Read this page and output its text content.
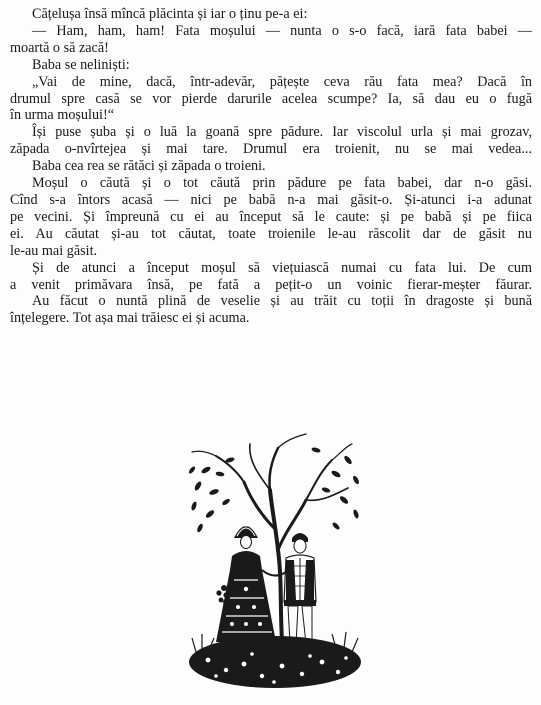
Cățelușa însă mîncă plăcinta și iar o ținu pe-a ei:
— Ham, ham, ham! Fata moșului — nunta o s-o facă, iară fata babei —
moartă o să zacă!
Baba se neliniști:
„Vai de mine, dacă, într-adevăr, pățește ceva rău fata mea? Dacă în
drumul spre casă se vor pierde darurile acelea scumpe? Ia, să dau eu o fugă
în urma moșului!“
Își puse șuba și o luă la goană spre pădure. Iar viscolul urla și mai grozav,
zăpada o-nvîrtejea și mai tare. Drumul era troienit, nu se mai vedea...
Baba cea rea se rătăci și zăpada o troieni.
Moșul o căută și o tot căută prin pădure pe fata babei, dar n-o găsi.
Cînd s-a întors acasă — nici pe babă n-a mai găsit-o. Și-atunci i-a adunat
pe vecini. Și împreună cu ei au început să le caute: și pe babă și pe fiica
ei. Au căutat și-au tot căutat, toate troienile le-au răscolit dar de găsit nu
le-au mai găsit.
Și de atunci a început moșul să viețuiască numai cu fata lui. De cum
a venit primăvara însă, pe fată a pețit-o un voinic fierar-meșter făurar.
Au făcut o nuntă plină de veselie și au trăit cu toții în dragoste și bună
înțelegere. Tot așa mai trăiesc ei și acuma.
